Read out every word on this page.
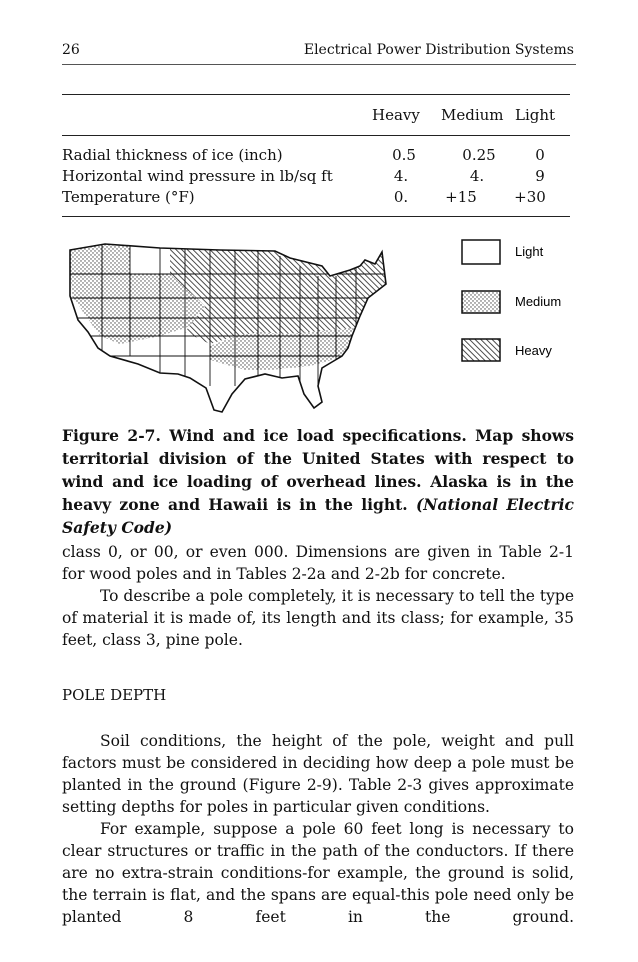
26	Electrical Power Distribution Systems
Heavy Medium Light
Radial thickness of ice (inch)	0.5	0.25	0
Horizontal wind pressure in lb/sq ft	4.	4.	9
Temperature (°F)	0.	+15	+30
Light
Medium
Heavy
Figure 2-7. Wind and ice load specifications. Map shows territorial division of the United States with respect to wind and ice loading of overhead lines. Alaska is in the heavy zone and Hawaii is in the light. (National Electric Safety Code)

class 0, or 00, or even 000. Dimensions are given in Table 2-1 for wood poles and in Tables 2-2a and 2-2b for concrete.

To describe a pole completely, it is necessary to tell the type of material it is made of, its length and its class; for example, 35 feet, class 3, pine pole.

POLE DEPTH

Soil conditions, the height of the pole, weight and pull factors must be considered in deciding how deep a pole must be planted in the ground (Figure 2-9). Table 2-3 gives approximate setting depths for poles in particular given conditions.

For example, suppose a pole 60 feet long is necessary to clear structures or traffic in the path of the conductors. If there are no extra-strain conditions-for example, the ground is solid, the terrain is flat, and the spans are equal-this pole need only be planted 8 feet in the ground.
